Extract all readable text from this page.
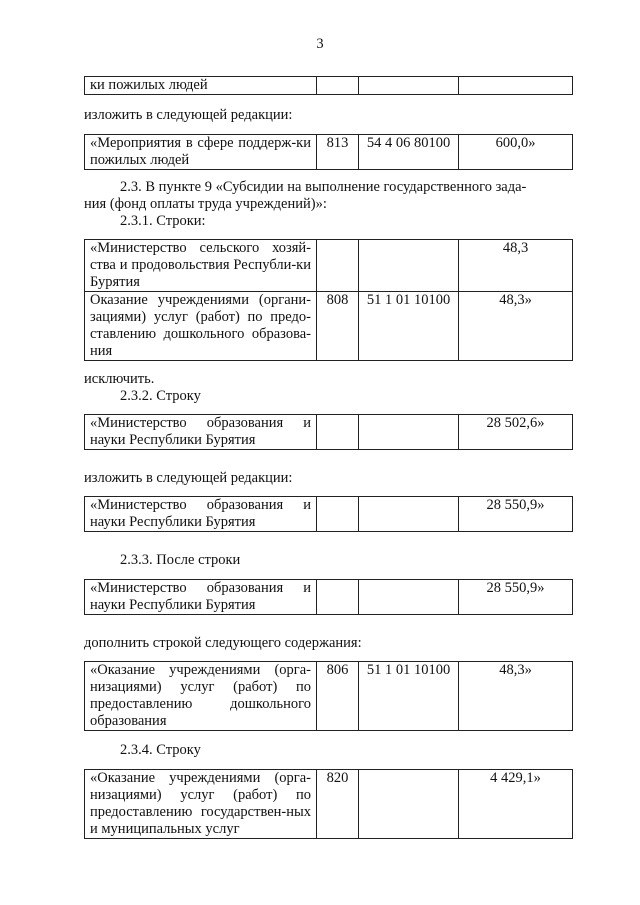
3
ки пожилых людей			
изложить в следующей редакции:
«Мероприятия в сфере поддерж-ки пожилых людей	813	54 4 06 80100	600,0»
2.3. В пункте 9 «Субсидии на выполнение государственного зада-
ния (фонд оплаты труда учреждений)»:
2.3.1. Строки:
«Министерство сельского хозяй-ства и продовольствия Республи-ки Бурятия			48,3
Оказание учреждениями (органи-зациями) услуг (работ) по предо-ставлению дошкольного образова-ния	808	51 1 01 10100	48,3»
исключить.
2.3.2. Строку
«Министерство образования и науки Республики Бурятия			28 502,6»
изложить в следующей редакции:
«Министерство образования и науки Республики Бурятия			28 550,9»
2.3.3. После строки
«Министерство образования и науки Республики Бурятия			28 550,9»
дополнить строкой следующего содержания:
«Оказание учреждениями (орга-низациями) услуг (работ) по предоставлению дошкольного образования	806	51 1 01 10100	48,3»
2.3.4. Строку
«Оказание учреждениями (орга-низациями) услуг (работ) по предоставлению государствен-ных и муниципальных услуг	820		4 429,1»
